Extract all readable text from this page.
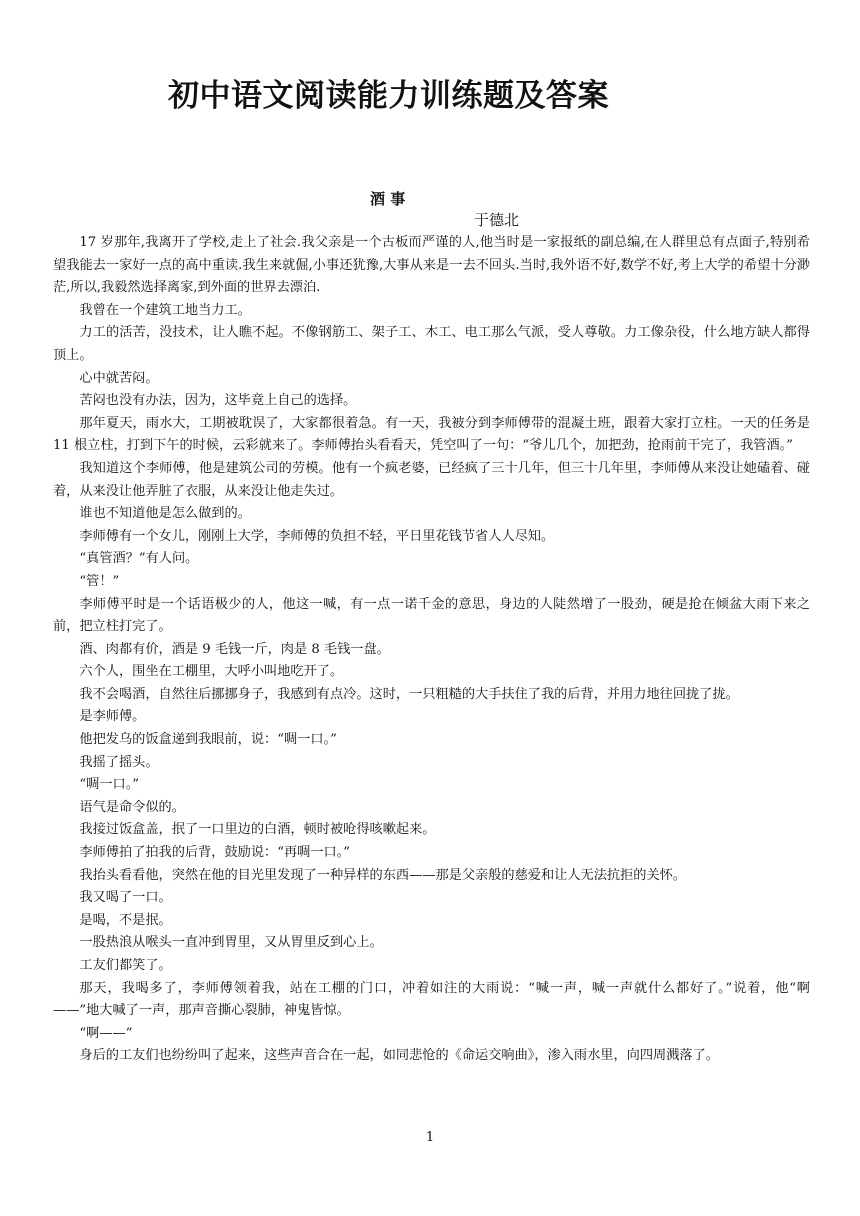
初中语文阅读能力训练题及答案
酒 事
于德北

17 岁那年,我离开了学校,走上了社会.我父亲是一个古板而严谨的人,他当时是一家报纸的副总编,在人群里总有点面子,特别希望我能去一家好一点的高中重读.我生来就倔,小事还犹豫,大事从来是一去不回头.当时,我外语不好,数学不好,考上大学的希望十分渺茫,所以,我毅然选择离家,到外面的世界去漂泊.

我曾在一个建筑工地当力工。

力工的活苦，没技术，让人瞧不起。不像钢筋工、架子工、木工、电工那么气派，受人尊敬。力工像杂役，什么地方缺人都得顶上。

心中就苦闷。

苦闷也没有办法，因为，这毕竟上自己的选择。

那年夏天，雨水大，工期被耽误了，大家都很着急。有一天，我被分到李师傅带的混凝土班，跟着大家打立柱。一天的任务是 11 根立柱，打到下午的时候，云彩就来了。李师傅抬头看看天，凭空叫了一句：“爷儿几个，加把劲，抢雨前干完了，我管酒。”

我知道这个李师傅，他是建筑公司的劳模。他有一个疯老婆，已经疯了三十几年，但三十几年里，李师傅从来没让她磕着、碰着，从来没让他弄脏了衣服，从来没让他走失过。

谁也不知道他是怎么做到的。

李师傅有一个女儿，刚刚上大学，李师傅的负担不轻，平日里花钱节省人人尽知。

“真管酒？”有人问。

“管！”

李师傅平时是一个话语极少的人，他这一喊，有一点一诺千金的意思，身边的人陡然增了一股劲，硬是抢在倾盆大雨下来之前，把立柱打完了。

酒、肉都有价，酒是 9 毛钱一斤，肉是 8 毛钱一盘。

六个人，围坐在工棚里，大呼小叫地吃开了。

我不会喝酒，自然往后挪挪身子，我感到有点冷。这时，一只粗糙的大手扶住了我的后背，并用力地往回拢了拢。

是李师傅。

他把发乌的饭盒递到我眼前，说：“啁一口。”

我摇了摇头。

“啁一口。”

语气是命令似的。

我接过饭盒盖，抿了一口里边的白酒，顿时被呛得咳嗽起来。

李师傅拍了拍我的后背，鼓励说：“再啁一口。”

我抬头看看他，突然在他的目光里发现了一种异样的东西——那是父亲般的慈爱和让人无法抗拒的关怀。

我又喝了一口。

是喝，不是抿。

一股热浪从喉头一直冲到胃里，又从胃里反到心上。

工友们都笑了。

那天，我喝多了，李师傅领着我，站在工棚的门口，冲着如注的大雨说：“喊一声，喊一声就什么都好了。”说着，他“啊——”地大喊了一声，那声音撕心裂肺，神鬼皆惊。

“啊——”

身后的工友们也纷纷叫了起来，这些声音合在一起，如同悲怆的《命运交响曲》，渗入雨水里，向四周溅落了。

1
